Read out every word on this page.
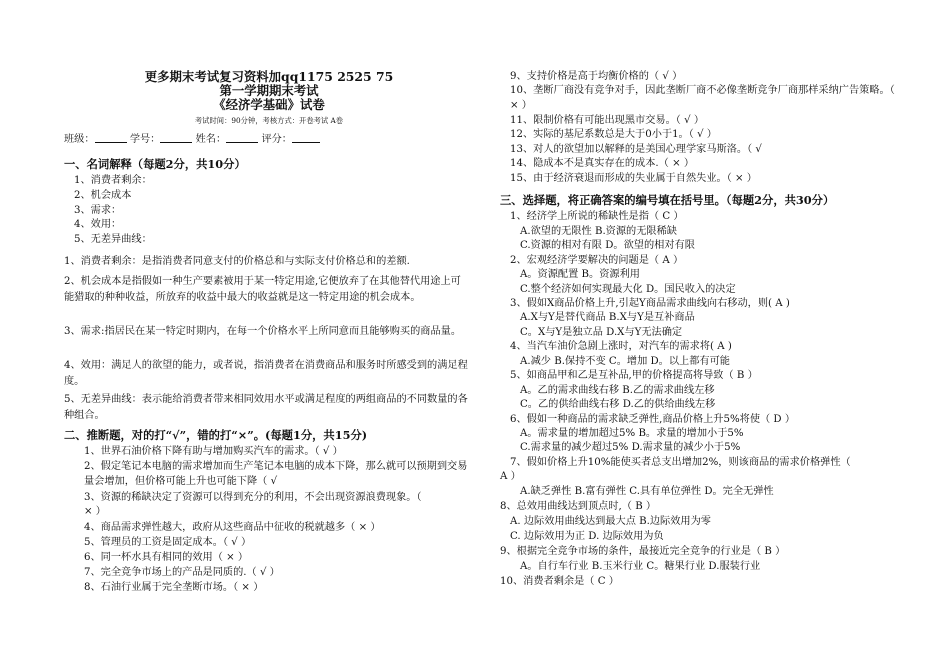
更多期末考试复习资料加qq1175 2525 75
第一学期期末考试
《经济学基础》试卷
考试时间：90分钟，考核方式：开卷考试 A卷
班级：	学号：	姓名：	评分：
一、名词解释（每题2分，共10分）
1、消费者剩余：
2、机会成本
3、需求：
4、效用：
5、无差异曲线：
1、消费者剩余：是指消费者同意支付的价格总和与实际支付价格总和的差额.
2、机会成本是指假如一种生产要素被用于某一特定用途,它便放弃了在其他替代用途上可能猎取的种种收益，所放弃的收益中最大的收益就是这一特定用途的机会成本。
3、需求:指居民在某一特定时期内，在每一个价格水平上所同意而且能够购买的商品量。
4、效用：满足人的欲望的能力，或者说，指消费者在消费商品和服务时所感受到的满足程度。
5、无差异曲线：表示能给消费者带来相同效用水平或满足程度的两组商品的不同数量的各种组合。
二、推断题，对的打“√”，错的打“×”。(每题1分，共15分)
1、世界石油价格下降有助与增加购买汽车的需求。（ √ ）
2、假定笔记本电脑的需求增加而生产笔记本电脑的成本下降，那么就可以预期到交易量会增加，但价格可能上升也可能下降（ √
3、资源的稀缺决定了资源可以得到充分的利用，不会出现资源浪费现象。（
× ）
4、商品需求弹性越大，政府从这些商品中征收的税就越多（ × ）
5、管理员的工资是固定成本。（ √ ）
6、同一杯水具有相同的效用（ × ）
7、完全竞争市场上的产品是同质的.（ √ ）
8、石油行业属于完全垄断市场。（ × ）
9、支持价格是高于均衡价格的（ √ ）
10、垄断厂商没有竞争对手，因此垄断厂商不必像垄断竞争厂商那样采纳广告策略。（ × ）
11、限制价格有可能出现黑市交易。（ √ ）
12、实际的基尼系数总是大于0小于1。（ √ ）
13、对人的欲望加以解释的是美国心理学家马斯洛。（ √
14、隐成本不是真实存在的成本.（ × ）
15、由于经济衰退而形成的失业属于自然失业。（ × ）
三、选择题，将正确答案的编号填在括号里。（每题2分，共30分）
1、经济学上所说的稀缺性是指（ C ）
A.欲望的无限性 B.资源的无限稀缺
C.资源的相对有限 D。欲望的相对有限
2、宏观经济学要解决的问题是（ A ）
A。资源配置 B。资源利用
C.整个经济如何实现最大化 D。国民收入的决定
3、假如X商品价格上升,引起Y商品需求曲线向右移动，则( A )
A.X与Y是替代商品 B.X与Y是互补商品
C。X与Y是独立品 D.X与Y无法确定
4、当汽车油价急剧上涨时，对汽车的需求将( A )
A.减少 B.保持不变 C。增加 D。以上都有可能
5、如商品甲和乙是互补品,甲的价格提高将导致（ B ）
A。乙的需求曲线右移 B.乙的需求曲线左移
C。乙的供给曲线右移 D.乙的供给曲线左移
6、假如一种商品的需求缺乏弹性,商品价格上升5%将使（ D ）
A。需求量的增加超过5% B。求量的增加小于5%
C.需求量的减少超过5% D.需求量的减少小于5%
7、假如价格上升10%能使买者总支出增加2%，则该商品的需求价格弹性（
A ）
A.缺乏弹性 B.富有弹性 C.具有单位弹性 D。完全无弹性
8、总效用曲线达到顶点时,（ B ）
A. 边际效用曲线达到最大点 B.边际效用为零
C. 边际效用为正 D. 边际效用为负
9、根据完全竞争市场的条件，最接近完全竞争的行业是（ B ）
A。自行车行业 B.玉米行业 C。糖果行业 D.服装行业
10、消费者剩余是（ C ）
